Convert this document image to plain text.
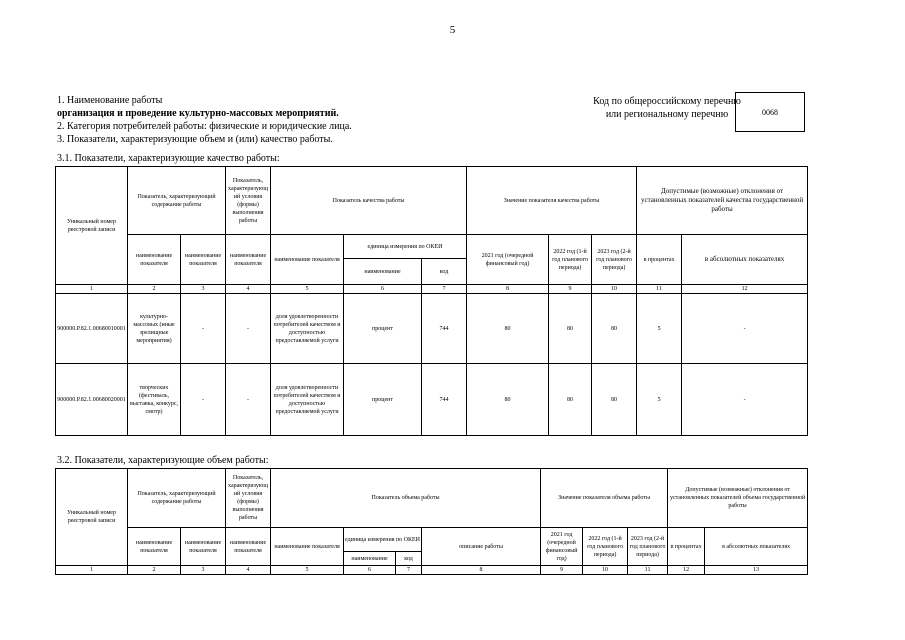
5
1. Наименование работы
организация и проведение культурно-массовых мероприятий.
2. Категория потребителей работы: физические и юридические лица.
3. Показатели, характеризующие объем и (или) качество работы.
Код по общероссийскому перечню или региональному перечню	0068
3.1. Показатели, характеризующие качество работы:
Уникальный номер реестровой записи	Показатель, характеризующий содержание работы		Показатель, характеризующий условия (формы) выполнения работы	Показатель качества работы			Значение показателя качества работы			Допустимые (возможные) отклонения от установленных показателей качества государственной работы	
	наименование показателя	наименование показателя	наименование показателя	наименование показателя	единица измерения по ОКЕИ		2021 год (очередной финансовый год)	2022 год (1-й год планового периода)	2023 год (2-й год планового периода)	в процентах	в абсолютных показателях
					наименование	код					
1	2	3	4	5	6	7	8	9	10	11	12
900000.Р.82.1.00680010001	культурно-массовых (иные зрелищные мероприятия)	-	-	доля удовлетворенности потребителей качеством и доступностью предоставляемой услуги	процент	744	80	80	80	5	-
900000.Р.82.1.00680020001	творческих (фестиваль, выставка, конкурс, смотр)	-	-	доля удовлетворенности потребителей качеством и доступностью предоставляемой услуги	процент	744	80	80	80	5	-
3.2. Показатели, характеризующие объем работы:
Уникальный номер реестровой записи	Показатель, характеризующий содержание работы		Показатель, характеризующий условия (формы) выполнения работы	Показатель объема работы				Значение показателя объема работы			Допустимые (возможные) отклонения от установленных показателей объема государственной работы	
	наименование показателя	наименование показателя	наименование показателя	наименование показателя	единица измерения по ОКЕИ		описание работы	2021 год (очередной финансовый год)	2022 год (1-й год планового периода)	2023 год (2-й год планового периода)	в процентах	в абсолютных показателях
					наименование	код						
1	2	3	4	5	6	7	8	9	10	11	12	13
